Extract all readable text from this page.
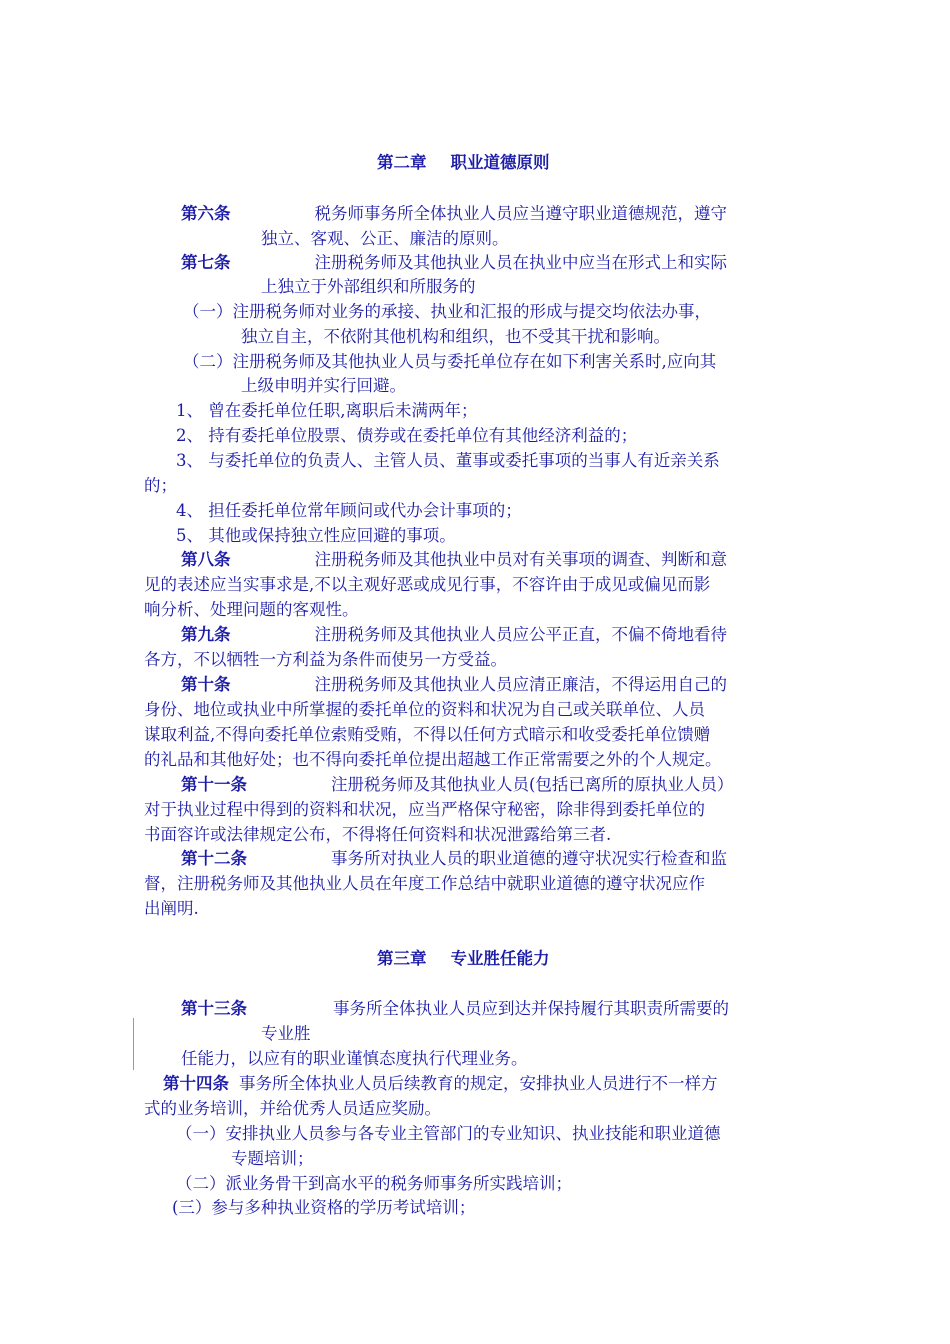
第二章 职业道德原则
第六条	税务师事务所全体执业人员应当遵守职业道德规范，遵守
独立、客观、公正、廉洁的原则。
第七条	注册税务师及其他执业人员在执业中应当在形式上和实际
上独立于外部组织和所服务的
（一）注册税务师对业务的承接、执业和汇报的形成与提交均依法办事，
独立自主，不依附其他机构和组织，也不受其干扰和影响。
（二）注册税务师及其他执业人员与委托单位存在如下利害关系时,应向其
上级申明并实行回避。
1、 曾在委托单位任职,离职后未满两年；
2、 持有委托单位股票、债券或在委托单位有其他经济利益的；
3、 与委托单位的负责人、主管人员、董事或委托事项的当事人有近亲关系
的；
4、 担任委托单位常年顾问或代办会计事项的；
5、 其他或保持独立性应回避的事项。
第八条	注册税务师及其他执业中员对有关事项的调查、判断和意
见的表述应当实事求是,不以主观好恶或成见行事，不容许由于成见或偏见而影
响分析、处理问题的客观性。
第九条	注册税务师及其他执业人员应公平正直，不偏不倚地看待
各方，不以牺牲一方利益为条件而使另一方受益。
第十条	注册税务师及其他执业人员应清正廉洁，不得运用自己的
身份、地位或执业中所掌握的委托单位的资料和状况为自己或关联单位、人员
谋取利益,不得向委托单位索贿受贿，不得以任何方式暗示和收受委托单位馈赠
的礼品和其他好处；也不得向委托单位提出超越工作正常需要之外的个人规定。
第十一条	注册税务师及其他执业人员(包括已离所的原执业人员）
对于执业过程中得到的资料和状况，应当严格保守秘密，除非得到委托单位的
书面容许或法律规定公布，不得将任何资料和状况泄露给第三者.
第十二条	事务所对执业人员的职业道德的遵守状况实行检查和监
督，注册税务师及其他执业人员在年度工作总结中就职业道德的遵守状况应作
出阐明.
第三章 专业胜任能力
第十三条	事务所全体执业人员应到达并保持履行其职责所需要的
专业胜
任能力，以应有的职业谨慎态度执行代理业务。
第十四条 事务所全体执业人员后续教育的规定，安排执业人员进行不一样方
式的业务培训，并给优秀人员适应奖励。
（一）安排执业人员参与各专业主管部门的专业知识、执业技能和职业道德
专题培训；
（二）派业务骨干到高水平的税务师事务所实践培训；
(三）参与多种执业资格的学历考试培训；
